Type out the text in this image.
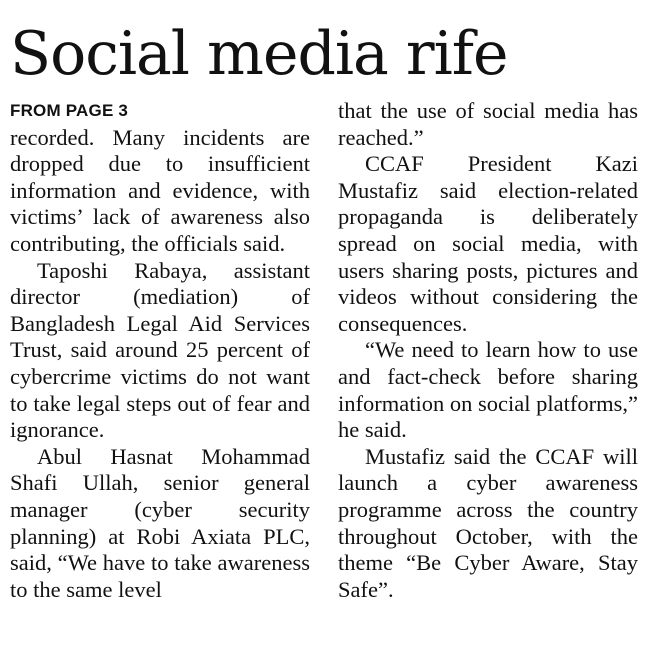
Social media rife
FROM PAGE 3

recorded. Many incidents are dropped due to insufficient information and evidence, with victims’ lack of awareness also contributing, the officials said.

Taposhi Rabaya, assistant director (mediation) of Bangladesh Legal Aid Services Trust, said around 25 percent of cybercrime victims do not want to take legal steps out of fear and ignorance.

Abul Hasnat Mohammad Shafi Ullah, senior general manager (cyber security planning) at Robi Axiata PLC, said, “We have to take awareness to the same level

that the use of social media has reached.”

CCAF President Kazi Mustafiz said election-related propaganda is deliberately spread on social media, with users sharing posts, pictures and videos without considering the consequences.

“We need to learn how to use and fact-check before sharing information on social platforms,” he said.

Mustafiz said the CCAF will launch a cyber awareness programme across the country throughout October, with the theme “Be Cyber Aware, Stay Safe”.
